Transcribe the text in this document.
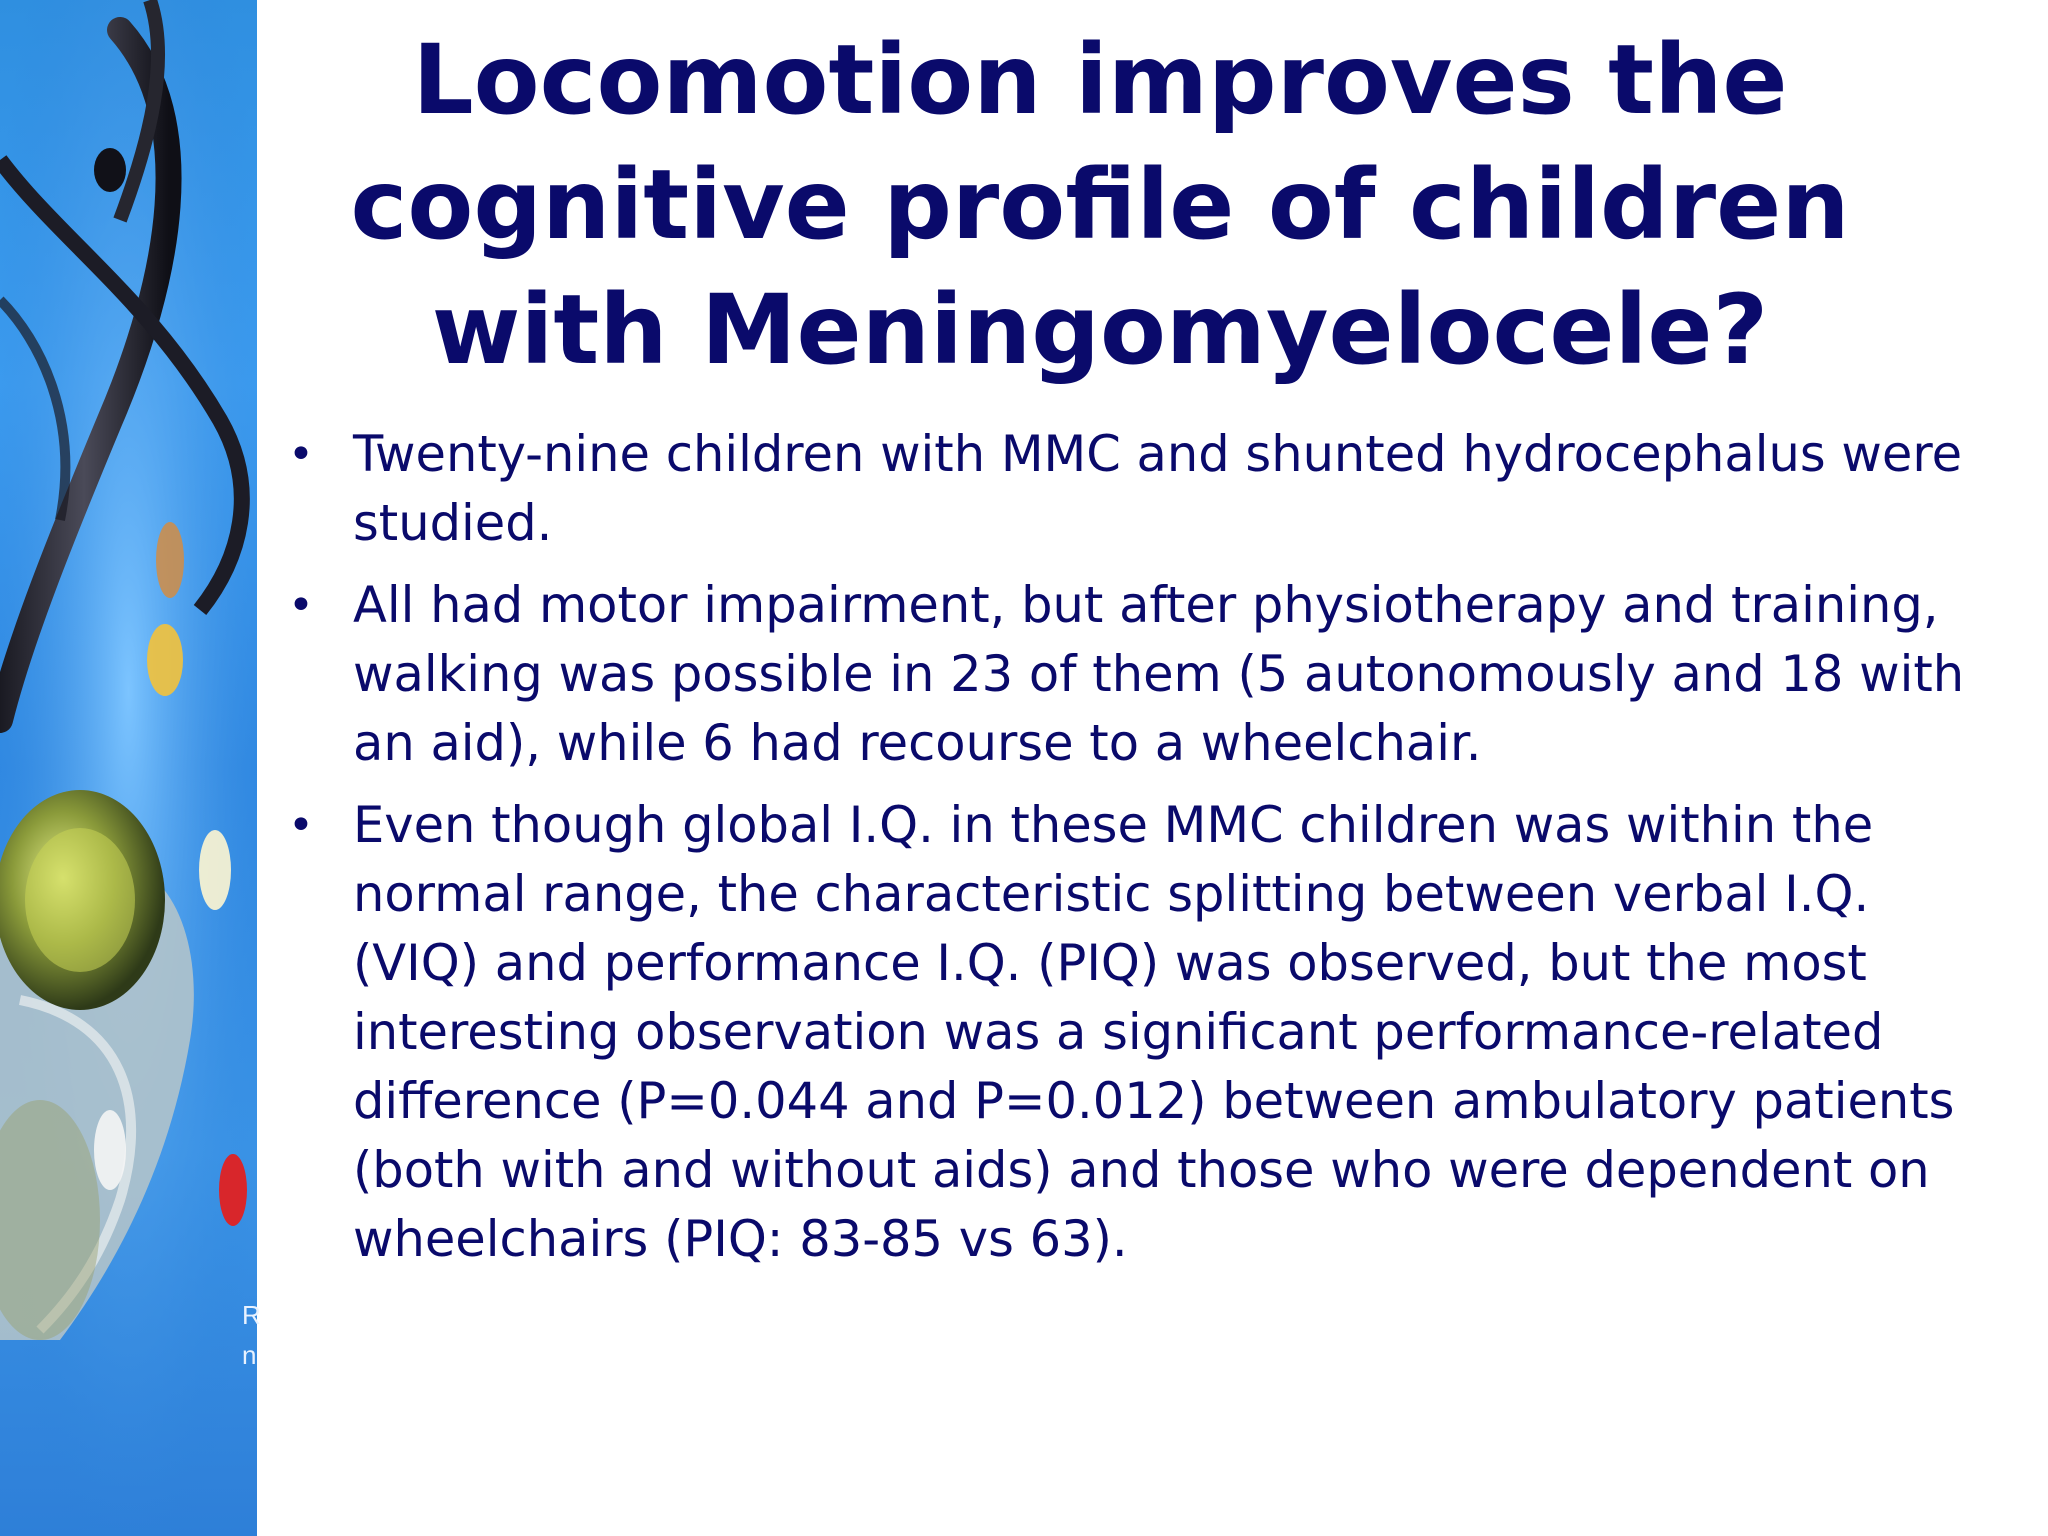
R
n
Locomotion improves the cognitive profile of children with Meningomyelocele?
• Twenty-nine children with MMC and shunted hydrocephalus were studied.
• All had motor impairment, but after physiotherapy and training, walking was possible in 23 of them (5 autonomously and 18 with an aid), while 6 had recourse to a wheelchair.
• Even though global I.Q. in these MMC children was within the normal range, the characteristic splitting between verbal I.Q. (VIQ) and performance I.Q. (PIQ) was observed, but the most interesting observation was a significant performance-related difference (P=0.044 and P=0.012) between ambulatory patients (both with and without aids) and those who were dependent on wheelchairs (PIQ: 83-85 vs 63).
